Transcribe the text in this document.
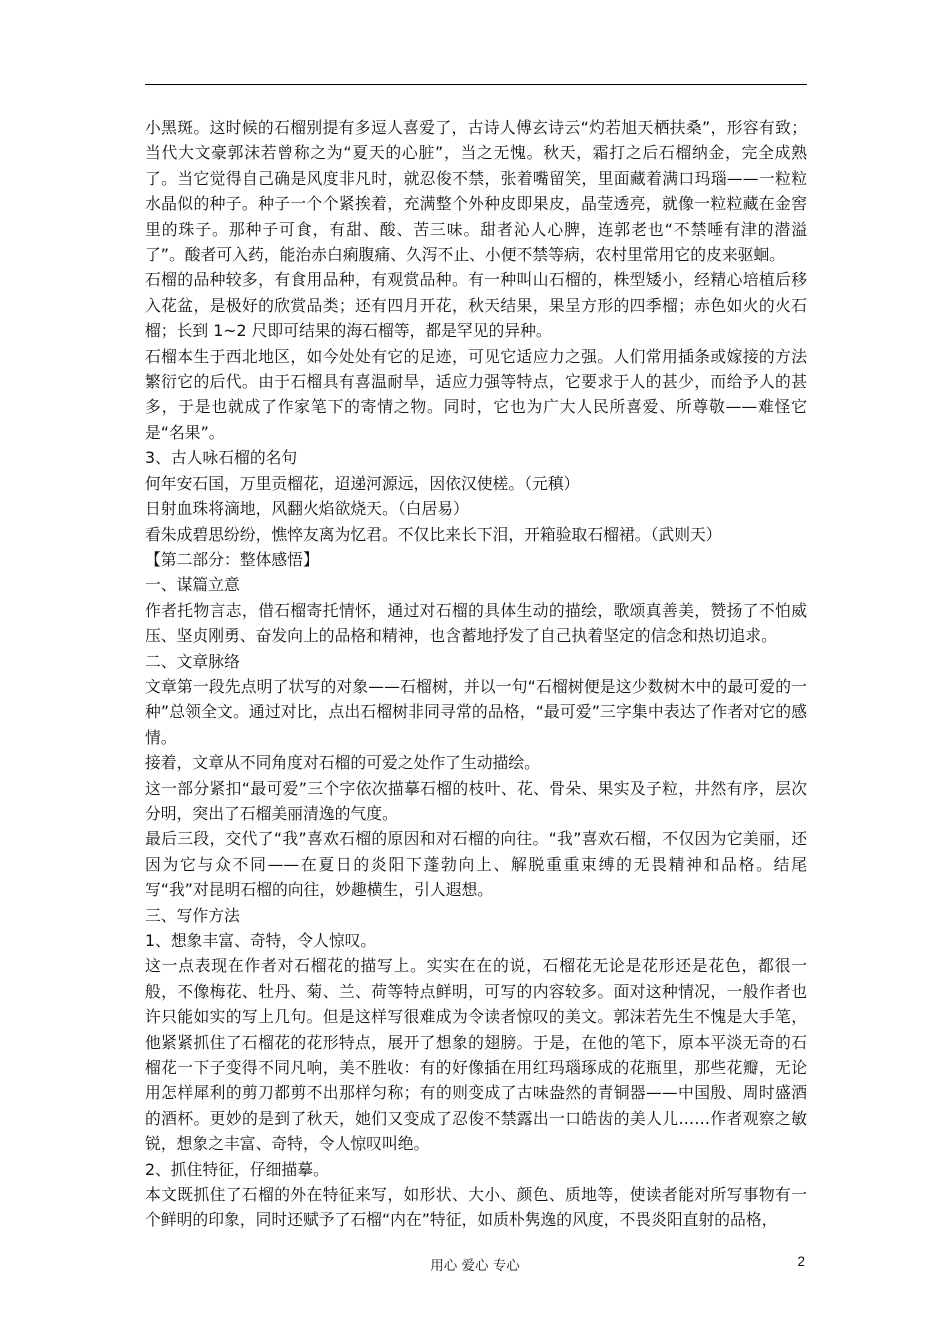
小黑斑。这时候的石榴别提有多逗人喜爱了，古诗人傅玄诗云“灼若旭天栖扶桑”，形容有致；当代大文豪郭沫若曾称之为“夏天的心脏”，当之无愧。秋天，霜打之后石榴纳金，完全成熟了。当它觉得自己确是风度非凡时，就忍俊不禁，张着嘴留笑，里面藏着满口玛瑙——一粒粒水晶似的种子。种子一个个紧挨着，充满整个外种皮即果皮，晶莹透亮，就像一粒粒藏在金窖里的珠子。那种子可食，有甜、酸、苦三味。甜者沁人心脾，连郭老也“不禁唾有津的潜溢了”。酸者可入药，能治赤白痢腹痛、久泻不止、小便不禁等病，农村里常用它的皮来驱蛔。

石榴的品种较多，有食用品种，有观赏品种。有一种叫山石榴的，株型矮小，经精心培植后移入花盆，是极好的欣赏品类；还有四月开花，秋天结果，果呈方形的四季榴；赤色如火的火石榴；长到 1~2 尺即可结果的海石榴等，都是罕见的异种。

石榴本生于西北地区，如今处处有它的足迹，可见它适应力之强。人们常用插条或嫁接的方法繁衍它的后代。由于石榴具有喜温耐旱，适应力强等特点，它要求于人的甚少，而给予人的甚多，于是也就成了作家笔下的寄情之物。同时，它也为广大人民所喜爱、所尊敬——难怪它是“名果”。

3、古人咏石榴的名句

何年安石国，万里贡榴花，迢递河源远，因依汉使槎。（元稹）

日射血珠将滴地，风翻火焰欲烧天。（白居易）

看朱成碧思纷纷，憔悴友离为忆君。不仅比来长下泪，开箱验取石榴裙。（武则天）

【第二部分：整体感悟】

一、谋篇立意

作者托物言志，借石榴寄托情怀，通过对石榴的具体生动的描绘，歌颂真善美，赞扬了不怕威压、坚贞刚勇、奋发向上的品格和精神，也含蓄地抒发了自己执着坚定的信念和热切追求。

二、文章脉络

文章第一段先点明了状写的对象——石榴树，并以一句“石榴树便是这少数树木中的最可爱的一种”总领全文。通过对比，点出石榴树非同寻常的品格，“最可爱”三字集中表达了作者对它的感情。

接着，文章从不同角度对石榴的可爱之处作了生动描绘。

这一部分紧扣“最可爱”三个字依次描摹石榴的枝叶、花、骨朵、果实及子粒，井然有序，层次分明，突出了石榴美丽清逸的气度。

最后三段，交代了“我”喜欢石榴的原因和对石榴的向往。“我”喜欢石榴，不仅因为它美丽，还因为它与众不同——在夏日的炎阳下蓬勃向上、解脱重重束缚的无畏精神和品格。结尾写“我”对昆明石榴的向往，妙趣横生，引人遐想。

三、写作方法

1、想象丰富、奇特，令人惊叹。

这一点表现在作者对石榴花的描写上。实实在在的说，石榴花无论是花形还是花色，都很一般，不像梅花、牡丹、菊、兰、荷等特点鲜明，可写的内容较多。面对这种情况，一般作者也许只能如实的写上几句。但是这样写很难成为令读者惊叹的美文。郭沫若先生不愧是大手笔，他紧紧抓住了石榴花的花形特点，展开了想象的翅膀。于是，在他的笔下，原本平淡无奇的石榴花一下子变得不同凡响，美不胜收：有的好像插在用红玛瑙琢成的花瓶里，那些花瓣，无论用怎样犀利的剪刀都剪不出那样匀称；有的则变成了古味盎然的青铜器——中国殷、周时盛酒的酒杯。更妙的是到了秋天，她们又变成了忍俊不禁露出一口皓齿的美人儿……作者观察之敏锐，想象之丰富、奇特，令人惊叹叫绝。

2、抓住特征，仔细描摹。

本文既抓住了石榴的外在特征来写，如形状、大小、颜色、质地等，使读者能对所写事物有一个鲜明的印象，同时还赋予了石榴“内在”特征，如质朴隽逸的风度，不畏炎阳直射的品格，

用心 爱心 专心	2
